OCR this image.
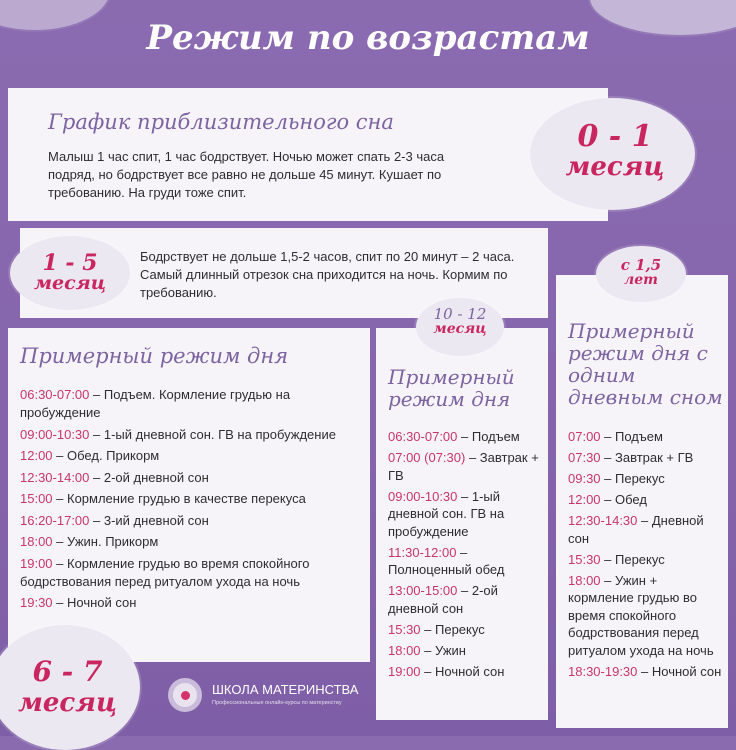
Режим по возрастам
График приблизительного сна
Малыш 1 час спит, 1 час бодрствует. Ночью может спать 2-3 часа подряд, но бодрствует все равно не дольше 45 минут. Кушает по требованию. На груди тоже спит.
0 - 1
месяц
1 - 5
месяц
Бодрствует не дольше 1,5-2 часов, спит по 20 минут – 2 часа. Самый длинный отрезок сна приходится на ночь. Кормим по требованию.
Примерный режим дня
06:30-07:00 – Подъем. Кормление грудью на пробуждение
09:00-10:30 – 1-ый дневной сон. ГВ на пробуждение
12:00 – Обед. Прикорм
12:30-14:00 – 2-ой дневной сон
15:00 – Кормление грудью в качестве перекуса
16:20-17:00 – 3-ий дневной сон
18:00 – Ужин. Прикорм
19:00 – Кормление грудью во время спокойного бодрствования перед ритуалом ухода на ночь
19:30 – Ночной сон
10 - 12
месяц
Примерный режим дня
06:30-07:00 – Подъем
07:00 (07:30) – Завтрак + ГВ
09:00-10:30 – 1-ый дневной сон. ГВ на пробуждение
11:30-12:00 – Полноценный обед
13:00-15:00 – 2-ой дневной сон
15:30 – Перекус
18:00 – Ужин
19:00 – Ночной сон
с 1,5
лет
Примерный режим дня с одним дневным сном
07:00 – Подъем
07:30 – Завтрак + ГВ
09:30 – Перекус
12:00 – Обед
12:30-14:30 – Дневной сон
15:30 – Перекус
18:00 – Ужин + кормление грудью во время спокойного бодрствования перед ритуалом ухода на ночь
18:30-19:30 – Ночной сон
6 - 7
месяц	ШКОЛА МАТЕРИНСТВА
Профессиональные онлайн-курсы по материнству
